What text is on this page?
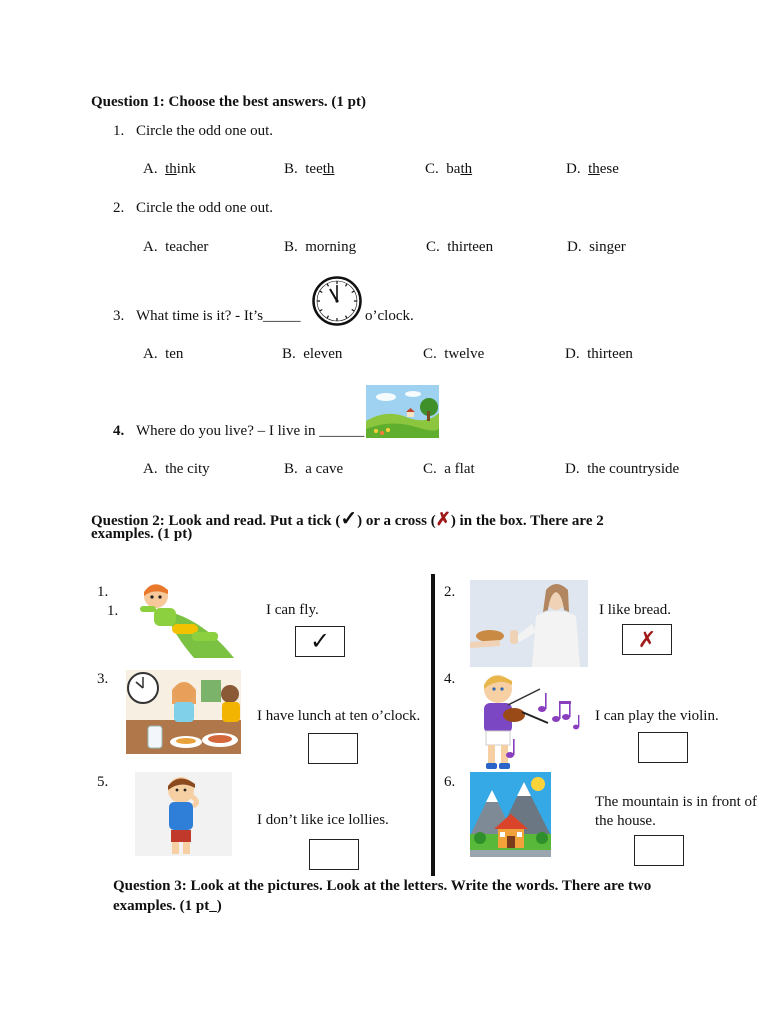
Question 1: Choose the best answers. (1 pt)
1. Circle the odd one out.
A. think	B. teeth	C. bath	D. these
2. Circle the odd one out.
A. teacher	B. morning	C. thirteen	D. singer
3. What time is it? - It’s_____	o’clock.
A. ten	B. eleven	C. twelve	D. thirteen
4. Where do you live? – I live in ______
A. the city	B. a cave	C. a flat	D. the countryside
Question 2: Look and read. Put a tick (✓) or a cross (✗) in the box. There are 2
examples. (1 pt)
1.
1.	I can fly.
✓
2.
I like bread.
✗
3.
I have lunch at ten o’clock.
4.
I can play the violin.
5.
I don’t like ice lollies.
6.
The mountain is in front of the house.
Question 3: Look at the pictures. Look at the letters. Write the words. There are two examples. (1 pt_)
